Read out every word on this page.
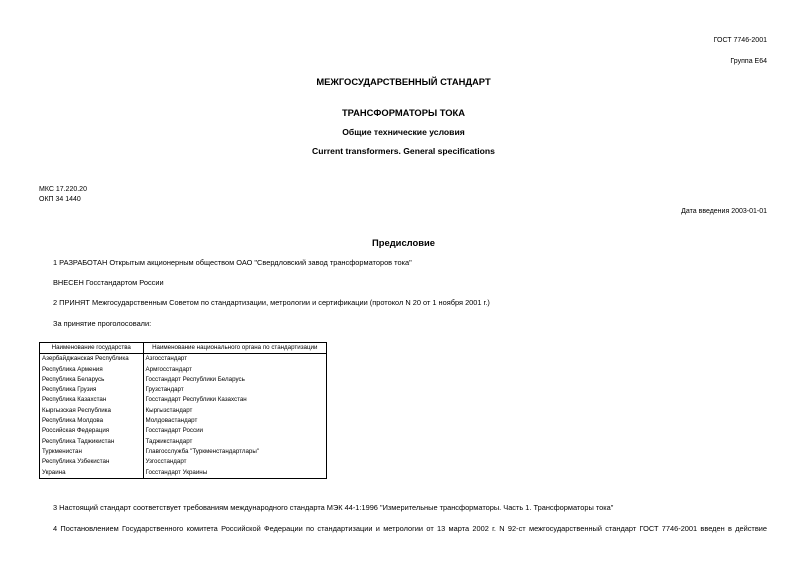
ГОСТ 7746-2001
Группа Е64
МЕЖГОСУДАРСТВЕННЫЙ СТАНДАРТ
ТРАНСФОРМАТОРЫ ТОКА
Общие технические условия
Current transformers. General specifications
МКС 17.220.20
ОКП 34 1440
Дата введения 2003-01-01
Предисловие
1 РАЗРАБОТАН Открытым акционерным обществом ОАО "Свердловский завод трансформаторов тока"
ВНЕСЕН Госстандартом России
2 ПРИНЯТ Межгосударственным Советом по стандартизации, метрологии и сертификации (протокол N 20 от 1 ноября 2001 г.)
За принятие проголосовали:
Наименование государства	Наименование национального органа по стандартизации
Азербайджанская Республика	Азгосстандарт
Республика Армения	Армгосстандарт
Республика Беларусь	Госстандарт Республики Беларусь
Республика Грузия	Грузстандарт
Республика Казахстан	Госстандарт Республики Казахстан
Кыргызская Республика	Кыргызстандарт
Республика Молдова	Молдовастандарт
Российская Федерация	Госстандарт России
Республика Таджикистан	Таджикстандарт
Туркменистан	Главгосслужба "Туркменстандартлары"
Республика Узбекистан	Узгосстандарт
Украина	Госстандарт Украины
3 Настоящий стандарт соответствует требованиям международного стандарта МЭК 44-1:1996 "Измерительные трансформаторы. Часть 1. Трансформаторы тока"
4 Постановлением Государственного комитета Российской Федерации по стандартизации и метрологии от 13 марта 2002 г. N 92-ст межгосударственный стандарт ГОСТ 7746-2001 введен в действие
